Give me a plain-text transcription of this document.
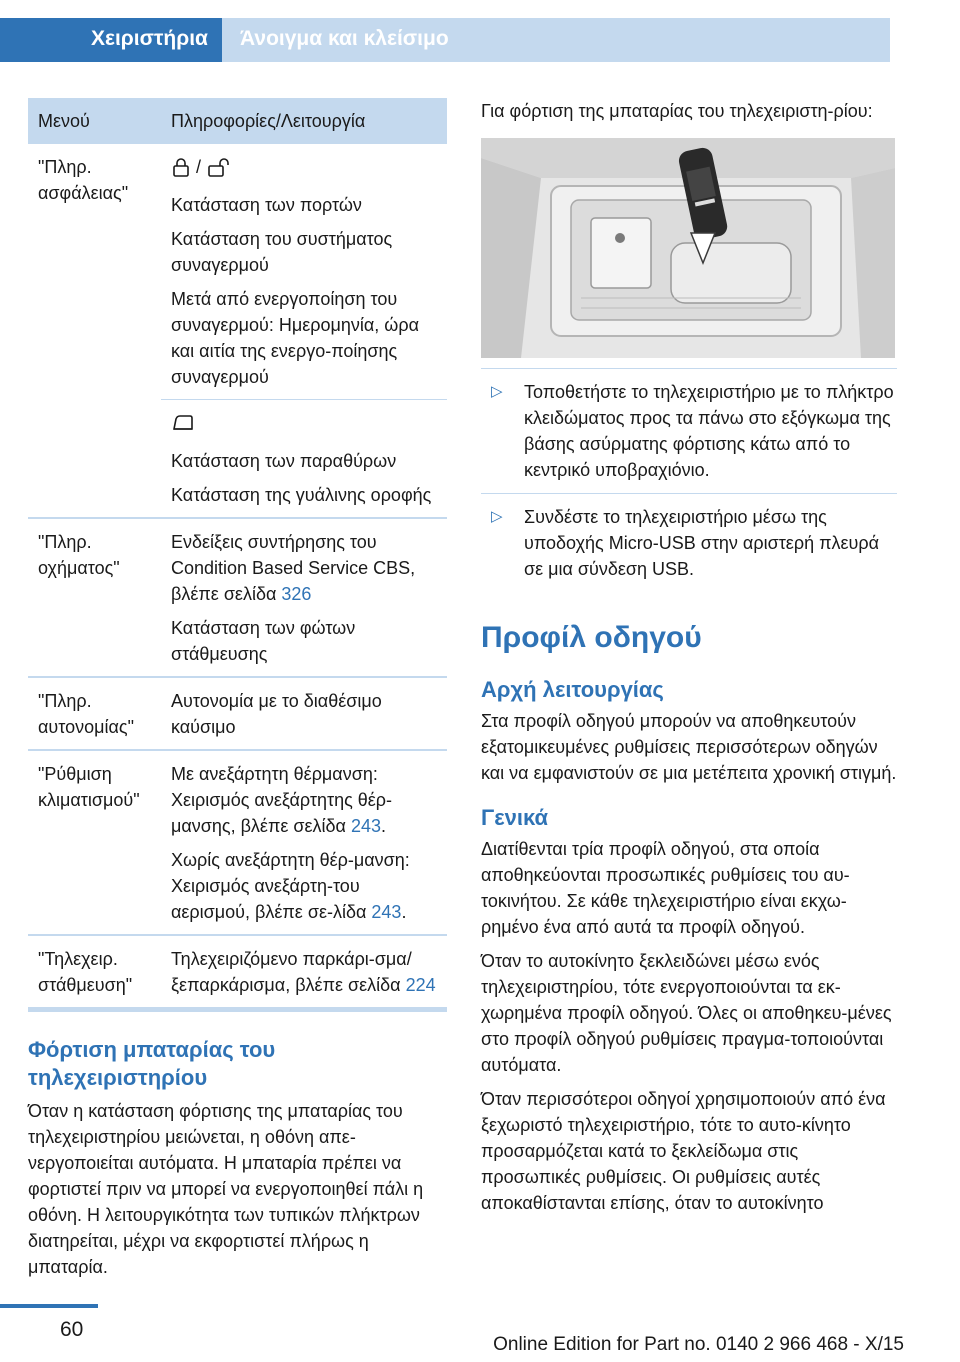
Χειριστήρια	Άνοιγμα και κλείσιμο
Μενού	Πληροφορίες/Λειτουργία
"Πληρ. ασφάλειας"	/
Κατάσταση των πορτών
Κατάσταση του συστήματος συναγερμού
Μετά από ενεργοποίηση του συναγερμού: Ημερομηνία, ώρα και αιτία της ενεργο-ποίησης συναγερμού

	Κατάσταση των παραθύρων
Κατάσταση της γυάλινης οροφής

"Πληρ. οχήματος"	Ενδείξεις συντήρησης του Condition Based Service CBS, βλέπε σελίδα 326
Κατάσταση των φώτων στάθμευσης

"Πληρ. αυτονομίας"	Αυτονομία με το διαθέσιμο καύσιμο

"Ρύθμιση κλιματισμού"	Με ανεξάρτητη θέρμανση: Χειρισμός ανεξάρτητης θέρ-μανσης, βλέπε σελίδα 243.
Χωρίς ανεξάρτητη θέρ-μανση: Χειρισμός ανεξάρτη-του αερισμού, βλέπε σε-λίδα 243.

"Τηλεχειρ. στάθμευση"	Τηλεχειριζόμενο παρκάρι-σμα/ξεπαρκάρισμα, βλέπε σελίδα 224
Φόρτιση μπαταρίας του τηλεχειριστηρίου

Όταν η κατάσταση φόρτισης της μπαταρίας του τηλεχειριστηρίου μειώνεται, η οθόνη απε-νεργοποιείται αυτόματα. Η μπαταρία πρέπει να φορτιστεί πριν να μπορεί να ενεργοποιηθεί πάλι η οθόνη. Η λειτουργικότητα των τυπικών πλήκτρων διατηρείται, μέχρι να εκφορτιστεί πλήρως η μπαταρία.

Για φόρτιση της μπαταρίας του τηλεχειριστη-ρίου:

▷ Τοποθετήστε το τηλεχειριστήριο με το πλήκτρο κλειδώματος προς τα πάνω στο εξόγκωμα της βάσης ασύρματης φόρτισης κάτω από το κεντρικό υποβραχιόνιο.
▷ Συνδέστε το τηλεχειριστήριο μέσω της υποδοχής Micro-USB στην αριστερή πλευρά σε μια σύνδεση USB.
Προφίλ οδηγού
Αρχή λειτουργίας

Στα προφίλ οδηγού μπορούν να αποθηκευτούν εξατομικευμένες ρυθμίσεις περισσότερων οδηγών και να εμφανιστούν σε μια μετέπειτα χρονική στιγμή.

Γενικά

Διατίθενται τρία προφίλ οδηγού, στα οποία αποθηκεύονται προσωπικές ρυθμίσεις του αυ-τοκινήτου. Σε κάθε τηλεχειριστήριο είναι εκχω-ρημένο ένα από αυτά τα προφίλ οδηγού.

Όταν το αυτοκίνητο ξεκλειδώνει μέσω ενός τηλεχειριστηρίου, τότε ενεργοποιούνται τα εκ-χωρημένα προφίλ οδηγού. Όλες οι αποθηκευ-μένες στο προφίλ οδηγού ρυθμίσεις πραγμα-τοποιούνται αυτόματα.

Όταν περισσότεροι οδηγοί χρησιμοποιούν από ένα ξεχωριστό τηλεχειριστήριο, τότε το αυτο-κίνητο προσαρμόζεται κατά το ξεκλείδωμα στις προσωπικές ρυθμίσεις. Οι ρυθμίσεις αυτές αποκαθίστανται επίσης, όταν το αυτοκίνητο

60
Online Edition for Part no. 0140 2 966 468 - X/15
